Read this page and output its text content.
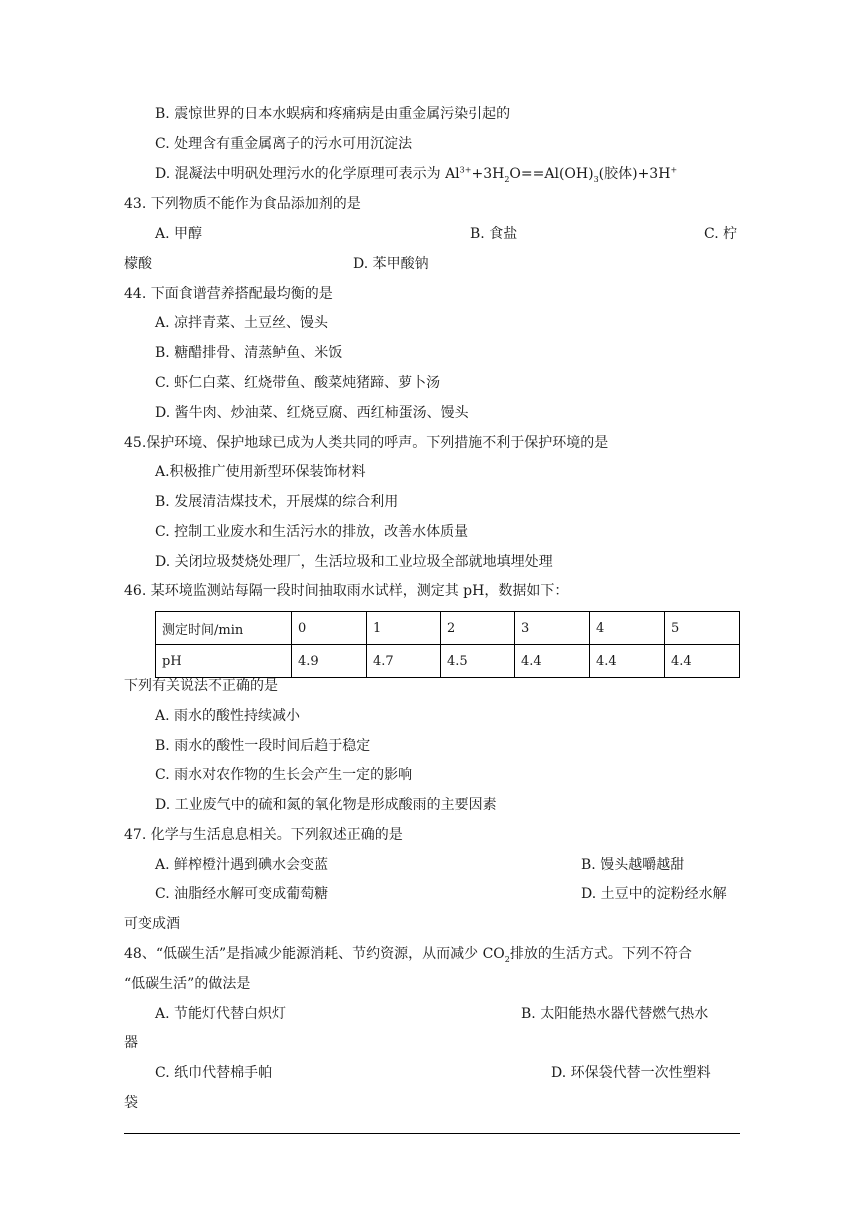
B. 震惊世界的日本水蜈病和疼痛病是由重金属污染引起的
C. 处理含有重金属离子的污水可用沉淀法
D. 混凝法中明矾处理污水的化学原理可表示为 $Al^{3+}+3H_2O==Al(OH)_3$(胶体)+3H+
43. 下列物质不能作为食品添加剂的是
A. 甲醇	B. 食盐	C. 柠
檬酸	D. 苯甲酸钠
44. 下面食谱营养搭配最均衡的是
A. 凉拌青菜、土豆丝、馒头
B. 糖醋排骨、清蒸鲈鱼、米饭
C. 虾仁白菜、红烧带鱼、酸菜炖猪蹄、萝卜汤
D. 酱牛肉、炒油菜、红烧豆腐、西红柿蛋汤、馒头
45.保护环境、保护地球已成为人类共同的呼声。下列措施不利于保护环境的是
A.积极推广使用新型环保装饰材料
B. 发展清洁煤技术，开展煤的综合利用
C. 控制工业废水和生活污水的排放，改善水体质量
D. 关闭垃圾焚烧处理厂，生活垃圾和工业垃圾全部就地填埋处理
46. 某环境监测站每隔一段时间抽取雨水试样，测定其 pH，数据如下：
测定时间/min	0	1	2	3	4	5
pH	4.9	4.7	4.5	4.4	4.4	4.4
下列有关说法不正确的是
A. 雨水的酸性持续减小
B. 雨水的酸性一段时间后趋于稳定
C. 雨水对农作物的生长会产生一定的影响
D. 工业废气中的硫和氮的氧化物是形成酸雨的主要因素
47. 化学与生活息息相关。下列叙述正确的是
A. 鲜榨橙汁遇到碘水会变蓝	B. 馒头越嚼越甜
C. 油脂经水解可变成葡萄糖	D. 土豆中的淀粉经水解
可变成酒
48、“低碳生活”是指减少能源消耗、节约资源，从而减少 $CO_2$排放的生活方式。下列不符合
“低碳生活”的做法是
A. 节能灯代替白炽灯	B. 太阳能热水器代替燃气热水
器
C. 纸巾代替棉手帕	D. 环保袋代替一次性塑料
袋
